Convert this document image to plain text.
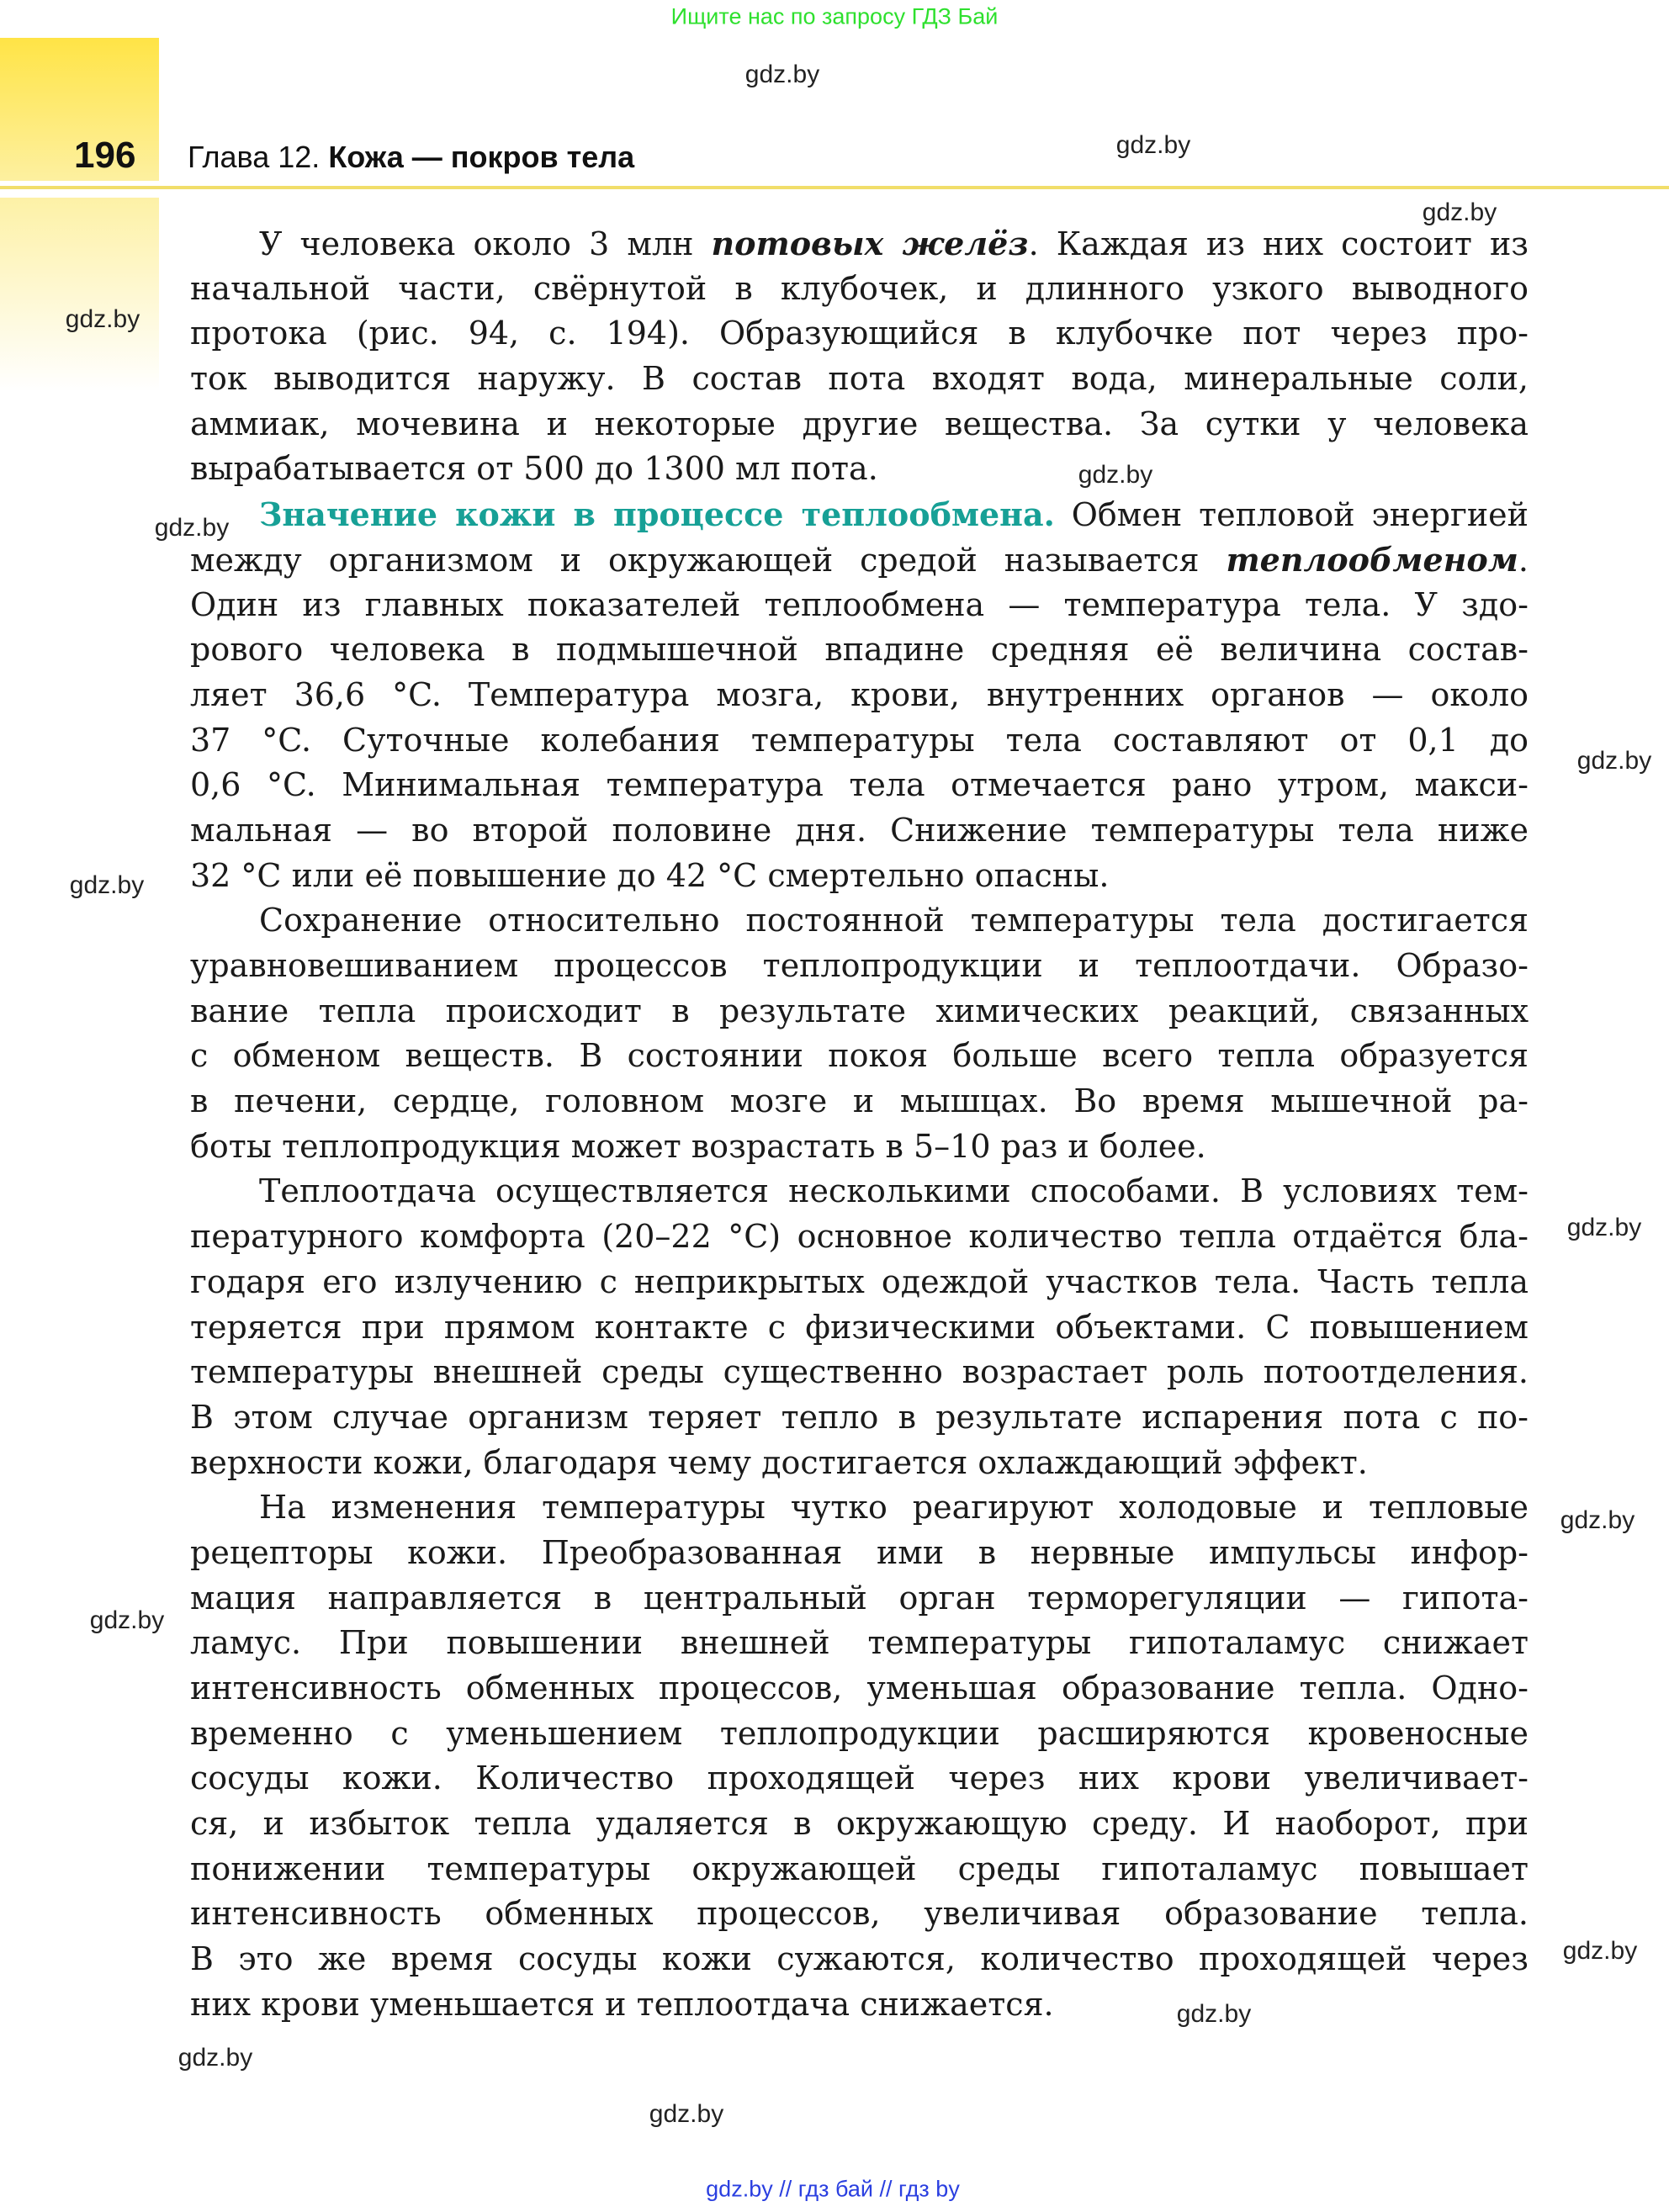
Ищите нас по запросу ГДЗ Бай
196 Глава 12. Кожа — покров тела
У человека около 3 млн потовых желёз. Каждая из них состоит из
начальной части, свёрнутой в клубочек, и длинного узкого выводного
протока (рис. 94, с. 194). Образующийся в клубочке пот через про-
ток выводится наружу. В состав пота входят вода, минеральные соли,
аммиак, мочевина и некоторые другие вещества. За сутки у человека
вырабатывается от 500 до 1300 мл пота.
Значение кожи в процессе теплообмена. Обмен тепловой энергией
между организмом и окружающей средой называется теплообменом.
Один из главных показателей теплообмена — температура тела. У здо-
рового человека в подмышечной впадине средняя её величина состав-
ляет 36,6 °C. Температура мозга, крови, внутренних органов — около
37 °C. Суточные колебания температуры тела составляют от 0,1 до
0,6 °C. Минимальная температура тела отмечается рано утром, макси-
мальная — во второй половине дня. Снижение температуры тела ниже
32 °C или её повышение до 42 °C смертельно опасны.
Сохранение относительно постоянной температуры тела достигается
уравновешиванием процессов теплопродукции и теплоотдачи. Образо-
вание тепла происходит в результате химических реакций, связанных
с обменом веществ. В состоянии покоя больше всего тепла образуется
в печени, сердце, головном мозге и мышцах. Во время мышечной ра-
боты теплопродукция может возрастать в 5–10 раз и более.
Теплоотдача осуществляется несколькими способами. В условиях тем-
пературного комфорта (20–22 °C) основное количество тепла отдаётся бла-
годаря его излучению с неприкрытых одеждой участков тела. Часть тепла
теряется при прямом контакте с физическими объектами. С повышением
температуры внешней среды существенно возрастает роль потоотделения.
В этом случае организм теряет тепло в результате испарения пота с по-
верхности кожи, благодаря чему достигается охлаждающий эффект.
На изменения температуры чутко реагируют холодовые и тепловые
рецепторы кожи. Преобразованная ими в нервные импульсы инфор-
мация направляется в центральный орган терморегуляции — гипота-
ламус. При повышении внешней температуры гипоталамус снижает
интенсивность обменных процессов, уменьшая образование тепла. Одно-
временно с уменьшением теплопродукции расширяются кровеносные
сосуды кожи. Количество проходящей через них крови увеличивает-
ся, и избыток тепла удаляется в окружающую среду. И наоборот, при
понижении температуры окружающей среды гипоталамус повышает
интенсивность обменных процессов, увеличивая образование тепла.
В это же время сосуды кожи сужаются, количество проходящей через
них крови уменьшается и теплоотдача снижается.
gdz.by
gdz.by
gdz.by
gdz.by
gdz.by
gdz.by
gdz.by
gdz.by
gdz.by
gdz.by
gdz.by
gdz.by
gdz.by
gdz.by
gdz.by
gdz.by // гдз бай // гдз by
